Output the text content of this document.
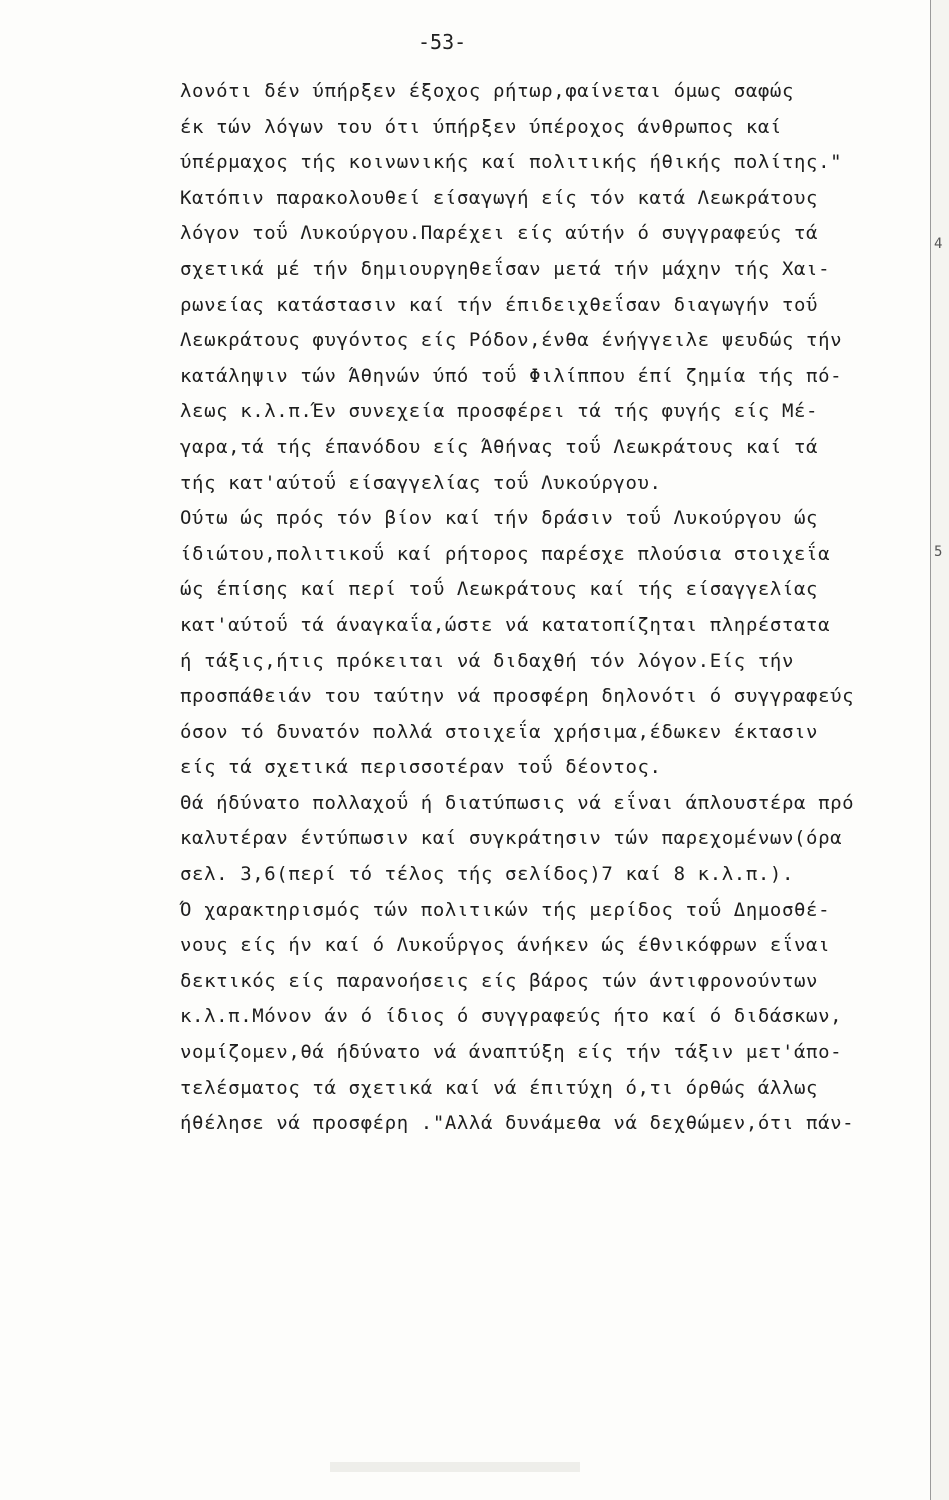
-53-
λονότι δέν ύπήρξεν έξοχος ρήτωρ,φαίνεται όμως σαφώς
έκ τών λόγων του ότι ύπήρξεν ύπέροχος άνθρωπος καί
ύπέρμαχος τής κοινωνικής καί πολιτικής ήθικής πολίτης."
Κατόπιν παρακολουθεί είσαγωγή είς τόν κατά Λεωκράτους
λόγον τοΰ Λυκούργου.Παρέχει είς αύτήν ό συγγραφεύς τά
σχετικά μέ τήν δημιουργηθεΐσαν μετά τήν μάχην τής Χαι-
ρωνείας κατάστασιν καί τήν έπιδειχθεΐσαν διαγωγήν τοΰ
Λεωκράτους φυγόντος είς Ρόδον,ένθα ένήγγειλε ψευδώς τήν
κατάληψιν τών Άθηνών ύπό τοΰ Φιλίππου έπί ζημία τής πό-
λεως κ.λ.π.Έν συνεχεία προσφέρει τά τής φυγής είς Μέ-
γαρα,τά τής έπανόδου είς Άθήνας τοΰ Λεωκράτους καί τά
τής κατ'αύτοΰ είσαγγελίας τοΰ Λυκούργου.
Ούτω ώς πρός τόν βίον καί τήν δράσιν τοΰ Λυκούργου ώς
ίδιώτου,πολιτικοΰ καί ρήτορος παρέσχε πλούσια στοιχεΐα
ώς έπίσης καί περί τοΰ Λεωκράτους καί τής είσαγγελίας
κατ'αύτοΰ τά άναγκαΐα,ώστε νά κατατοπίζηται πληρέστατα
ή τάξις,ήτις πρόκειται νά διδαχθή τόν λόγον.Είς τήν
προσπάθειάν του ταύτην νά προσφέρη δηλονότι ό συγγραφεύς
όσον τό δυνατόν πολλά στοιχεΐα χρήσιμα,έδωκεν έκτασιν
είς τά σχετικά περισσοτέραν τοΰ δέοντος.
Θά ήδύνατο πολλαχοΰ ή διατύπωσις νά εΐναι άπλουστέρα πρό
καλυτέραν έντύπωσιν καί συγκράτησιν τών παρεχομένων(όρα
σελ. 3,6(περί τό τέλος τής σελίδος)7 καί 8 κ.λ.π.).
Ό χαρακτηρισμός τών πολιτικών τής μερίδος τοΰ Δημοσθέ-
νους είς ήν καί ό Λυκοΰργος άνήκεν ώς έθνικόφρων εΐναι
δεκτικός είς παρανοήσεις είς βάρος τών άντιφρονούντων
κ.λ.π.Μόνον άν ό ίδιος ό συγγραφεύς ήτο καί ό διδάσκων,
νομίζομεν,θά ήδύνατο νά άναπτύξη είς τήν τάξιν μετ'άπο-
τελέσματος τά σχετικά καί νά έπιτύχη ό,τι όρθώς άλλως
ήθέλησε νά προσφέρη ."Αλλά δυνάμεθα νά δεχθώμεν,ότι πάν-
4
5
